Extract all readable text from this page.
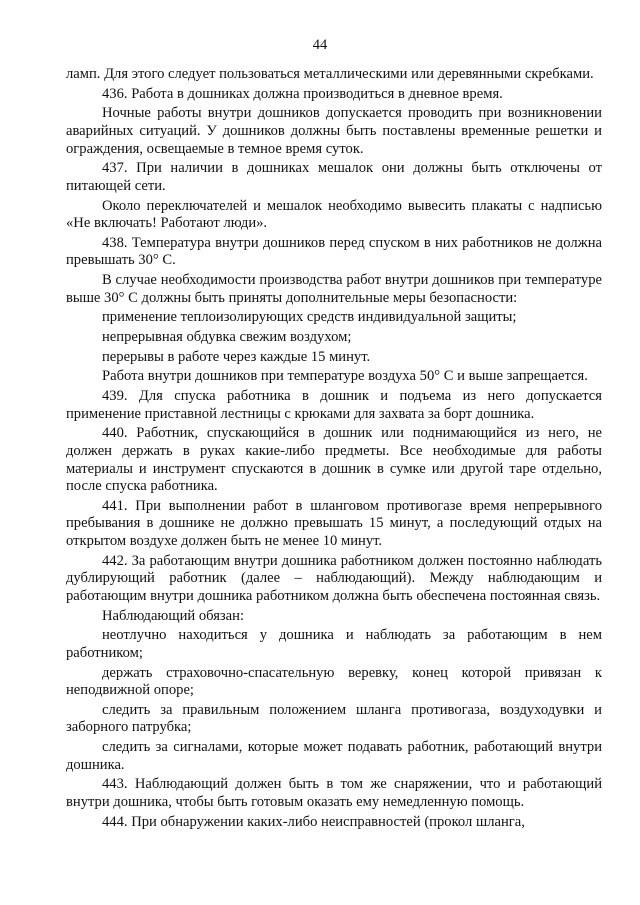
44

ламп. Для этого следует пользоваться металлическими или деревянными скребками.

436. Работа в дошниках должна производиться в дневное время.

Ночные работы внутри дошников допускается проводить при возникновении аварийных ситуаций. У дошников должны быть поставлены временные решетки и ограждения, освещаемые в темное время суток.

437. При наличии в дошниках мешалок они должны быть отключены от питающей сети.

Около переключателей и мешалок необходимо вывесить плакаты с надписью «Не включать! Работают люди».

438. Температура внутри дошников перед спуском в них работников не должна превышать 30° С.

В случае необходимости производства работ внутри дошников при температуре выше 30° С должны быть приняты дополнительные меры безопасности:

применение теплоизолирующих средств индивидуальной защиты;

непрерывная обдувка свежим воздухом;

перерывы в работе через каждые 15 минут.

Работа внутри дошников при температуре воздуха 50° С и выше запрещается.

439. Для спуска работника в дошник и подъема из него допускается применение приставной лестницы с крюками для захвата за борт дошника.

440. Работник, спускающийся в дошник или поднимающийся из него, не должен держать в руках какие-либо предметы. Все необходимые для работы материалы и инструмент спускаются в дошник в сумке или другой таре отдельно, после спуска работника.

441. При выполнении работ в шланговом противогазе время непрерывного пребывания в дошнике не должно превышать 15 минут, а последующий отдых на открытом воздухе должен быть не менее 10 минут.

442. За работающим внутри дошника работником должен постоянно наблюдать дублирующий работник (далее – наблюдающий). Между наблюдающим и работающим внутри дошника работником должна быть обеспечена постоянная связь.

Наблюдающий обязан:

неотлучно находиться у дошника и наблюдать за работающим в нем работником;

держать страховочно-спасательную веревку, конец которой привязан к неподвижной опоре;

следить за правильным положением шланга противогаза, воздуходувки и заборного патрубка;

следить за сигналами, которые может подавать работник, работающий внутри дошника.

443. Наблюдающий должен быть в том же снаряжении, что и работающий внутри дошника, чтобы быть готовым оказать ему немедленную помощь.

444. При обнаружении каких-либо неисправностей (прокол шланга,
